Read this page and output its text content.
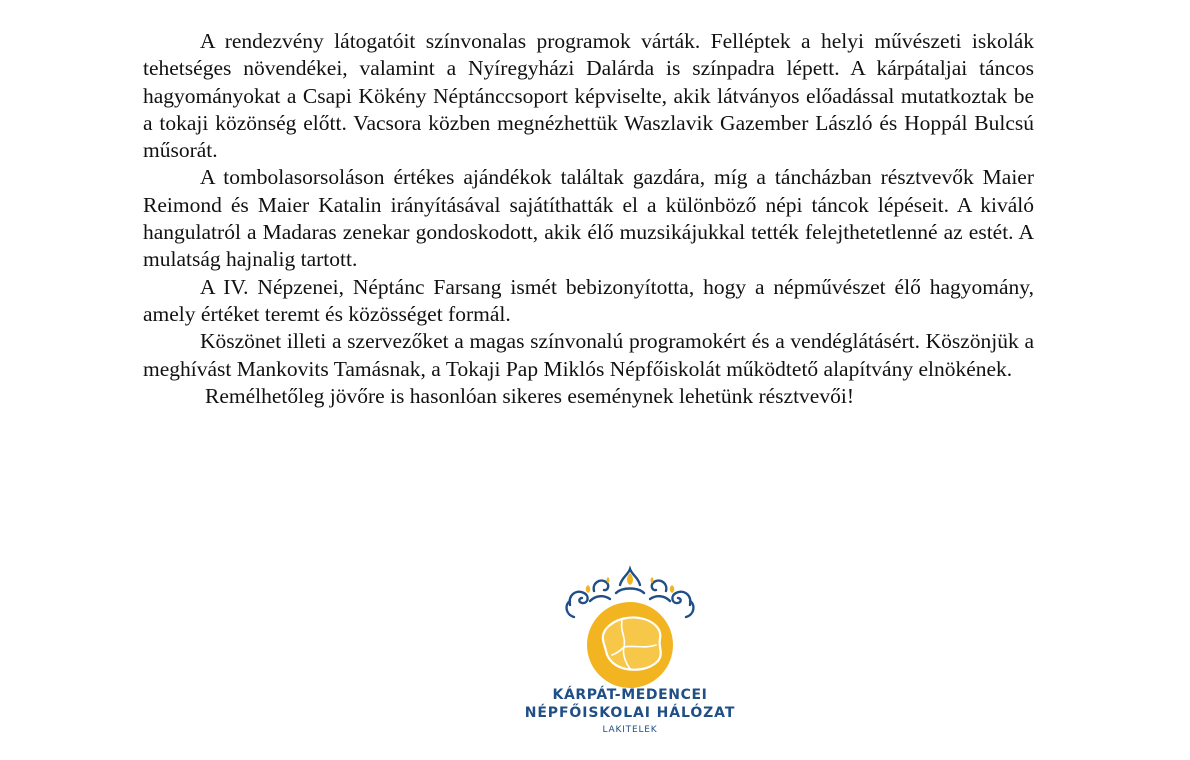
A rendezvény látogatóit színvonalas programok várták. Felléptek a helyi művészeti iskolák tehetséges növendékei, valamint a Nyíregyházi Dalárda is színpadra lépett. A kárpátaljai táncos hagyományokat a Csapi Kökény Néptánccsoport képviselte, akik látványos előadással mutatkoztak be a tokaji közönség előtt. Vacsora közben megnézhettük Waszlavik Gazember László és Hoppál Bulcsú műsorát.

A tombolasorsoláson értékes ajándékok találtak gazdára, míg a táncházban résztvevők Maier Reimond és Maier Katalin irányításával sajátíthatták el a különböző népi táncok lépéseit. A kiváló hangulatról a Madaras zenekar gondoskodott, akik élő muzsikájukkal tették felejthetetlenné az estét. A mulatság hajnalig tartott.

A IV. Népzenei, Néptánc Farsang ismét bebizonyította, hogy a népművészet élő hagyomány, amely értéket teremt és közösséget formál.

Köszönet illeti a szervezőket a magas színvonalú programokért és a vendéglátásért. Köszönjük a meghívást Mankovits Tamásnak, a Tokaji Pap Miklós Népfőiskolát működtető alapítvány elnökének.

Remélhetőleg jövőre is hasonlóan sikeres eseménynek lehetünk résztvevői!

KÁRPÁT-MEDENCEI
NÉPFŐISKOLAI HÁLÓZAT
LAKITELEK
